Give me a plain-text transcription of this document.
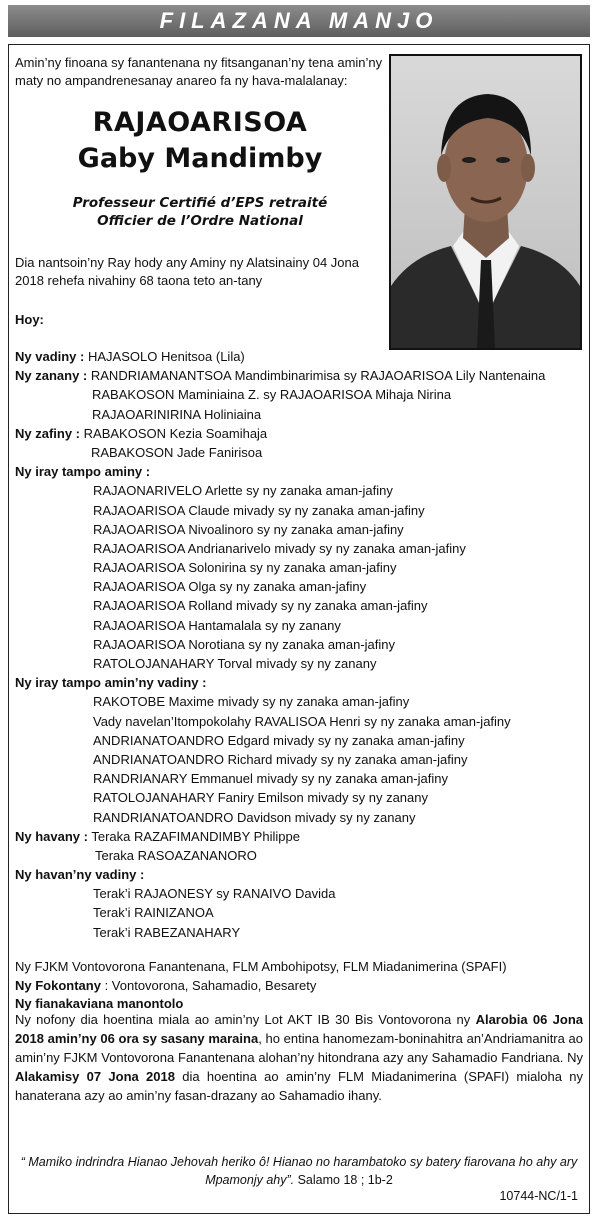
FILAZANA MANJO
Amin’ny finoana sy fanantenana ny fitsanganan’ny tena amin’ny maty no ampandrenesanay anareo fa ny hava-malalanay:
RAJAOARISOA
Gaby Mandimby
Professeur Certifié d’EPS retraité
Officier de l’Ordre National
Dia nantsoin’ny Ray hody any Aminy ny Alatsinainy 04 Jona 2018 rehefa nivahiny 68 taona teto an-tany
Hoy:
Ny vadiny : HAJASOLO Henitsoa (Lila)
Ny zanany : RANDRIAMANANTSOA Mandimbinarimisa sy RAJAOARISOA Lily Nantenaina
RABAKOSON Maminiaina Z. sy RAJAOARISOA Mihaja Nirina
RAJAOARINIRINA Holiniaina
Ny zafiny : RABAKOSON Kezia Soamihaja
RABAKOSON Jade Fanirisoa
Ny iray tampo aminy :
RAJAONARIVELO Arlette sy ny zanaka aman-jafiny
RAJAOARISOA Claude mivady sy ny zanaka aman-jafiny
RAJAOARISOA Nivoalinoro sy ny zanaka aman-jafiny
RAJAOARISOA Andrianarivelo mivady sy ny zanaka aman-jafiny
RAJAOARISOA Solonirina sy ny zanaka aman-jafiny
RAJAOARISOA Olga sy ny zanaka aman-jafiny
RAJAOARISOA Rolland mivady sy ny zanaka aman-jafiny
RAJAOARISOA Hantamalala sy ny zanany
RAJAOARISOA Norotiana sy ny zanaka aman-jafiny
RATOLOJANAHARY Torval mivady sy ny zanany
Ny iray tampo amin’ny vadiny :
RAKOTOBE Maxime mivady sy ny zanaka aman-jafiny
Vady navelan’Itompokolahy RAVALISOA Henri sy ny zanaka aman-jafiny
ANDRIANATOANDRO Edgard mivady sy ny zanaka aman-jafiny
ANDRIANATOANDRO Richard mivady sy ny zanaka aman-jafiny
RANDRIANARY Emmanuel mivady sy ny zanaka aman-jafiny
RATOLOJANAHARY Faniry Emilson mivady sy ny zanany
RANDRIANATOANDRO Davidson mivady sy ny zanany
Ny havany : Teraka RAZAFIMANDIMBY Philippe
Teraka RASOAZANANORO
Ny havan’ny vadiny :
Terak’i RAJAONESY sy RANAIVO Davida
Terak’i RAINIZANOA
Terak’i RABEZANAHARY
Ny FJKM Vontovorona Fanantenana, FLM Ambohipotsy, FLM Miadanimerina (SPAFI)
Ny Fokontany : Vontovorona, Sahamadio, Besarety
Ny fianakaviana manontolo
Ny nofony dia hoentina miala ao amin’ny Lot AKT IB 30 Bis Vontovorona ny Alarobia 06 Jona 2018 amin’ny 06 ora sy sasany maraina, ho entina hanomezam-boninahitra an’Andriamanitra ao amin’ny FJKM Vontovorona Fanantenana alohan’ny hitondrana azy any Sahamadio Fandriana. Ny Alakamisy 07 Jona 2018 dia hoentina ao amin’ny FLM Miadanimerina (SPAFI) mialoha ny hanaterana azy ao amin’ny fasan-drazany ao Sahamadio ihany.
“ Mamiko indrindra Hianao Jehovah heriko ô! Hianao no harambatoko sy batery fiarovana ho ahy ary Mpamonjy ahy”. Salamo 18 ; 1b-2
10744-NC/1-1
